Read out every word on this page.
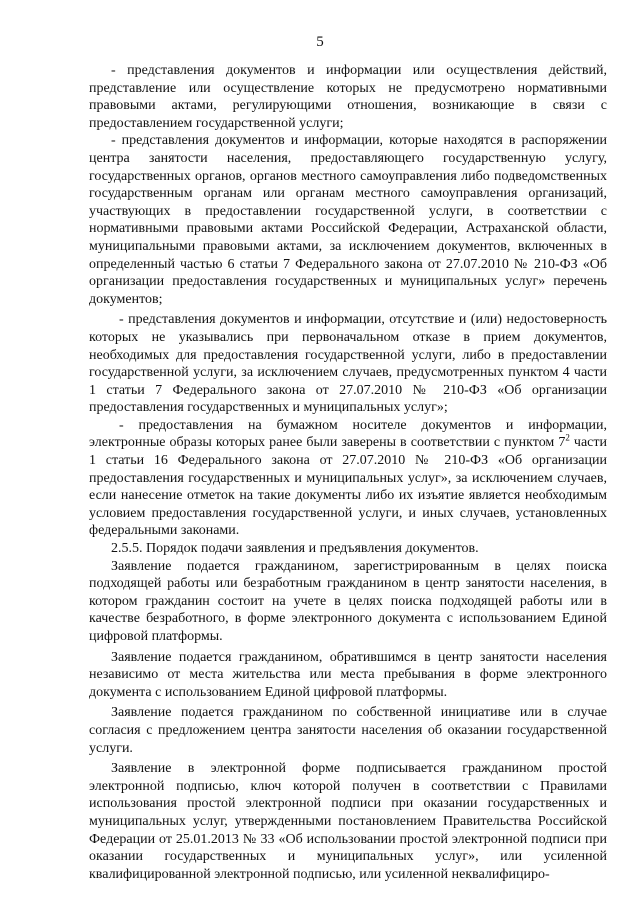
5

- представления документов и информации или осуществления действий, представление или осуществление которых не предусмотрено нормативными правовыми актами, регулирующими отношения, возникающие в связи с предоставлением государственной услуги;

- представления документов и информации, которые находятся в распоряжении центра занятости населения, предоставляющего государственную услугу, государственных органов, органов местного самоуправления либо подведомственных государственным органам или органам местного самоуправления организаций, участвующих в предоставлении государственной услуги, в соответствии с нормативными правовыми актами Российской Федерации, Астраханской области, муниципальными правовыми актами, за исключением документов, включенных в определенный частью 6 статьи 7 Федерального закона от 27.07.2010 № 210-ФЗ «Об организации предоставления государственных и муниципальных услуг» перечень документов;

- представления документов и информации, отсутствие и (или) недостоверность которых не указывались при первоначальном отказе в прием документов, необходимых для предоставления государственной услуги, либо в предоставлении государственной услуги, за исключением случаев, предусмотренных пунктом 4 части 1 статьи 7 Федерального закона от 27.07.2010 № 210-ФЗ «Об организации предоставления государственных и муниципальных услуг»;

- предоставления на бумажном носителе документов и информации, электронные образы которых ранее были заверены в соответствии с пунктом $7^2$ части 1 статьи 16 Федерального закона от 27.07.2010 № 210-ФЗ «Об организации предоставления государственных и муниципальных услуг», за исключением случаев, если нанесение отметок на такие документы либо их изъятие является необходимым условием предоставления государственной услуги, и иных случаев, установленных федеральными законами.

2.5.5. Порядок подачи заявления и предъявления документов.

Заявление подается гражданином, зарегистрированным в целях поиска подходящей работы или безработным гражданином в центр занятости населения, в котором гражданин состоит на учете в целях поиска подходящей работы или в качестве безработного, в форме электронного документа с использованием Единой цифровой платформы.

Заявление подается гражданином, обратившимся в центр занятости населения независимо от места жительства или места пребывания в форме электронного документа с использованием Единой цифровой платформы.

Заявление подается гражданином по собственной инициативе или в случае согласия с предложением центра занятости населения об оказании государственной услуги.

Заявление в электронной форме подписывается гражданином простой электронной подписью, ключ которой получен в соответствии с Правилами использования простой электронной подписи при оказании государственных и муниципальных услуг, утвержденными постановлением Правительства Российской Федерации от 25.01.2013 № 33 «Об использовании простой электронной подписи при оказании государственных и муниципальных услуг», или усиленной квалифицированной электронной подписью, или усиленной неквалифициро-
